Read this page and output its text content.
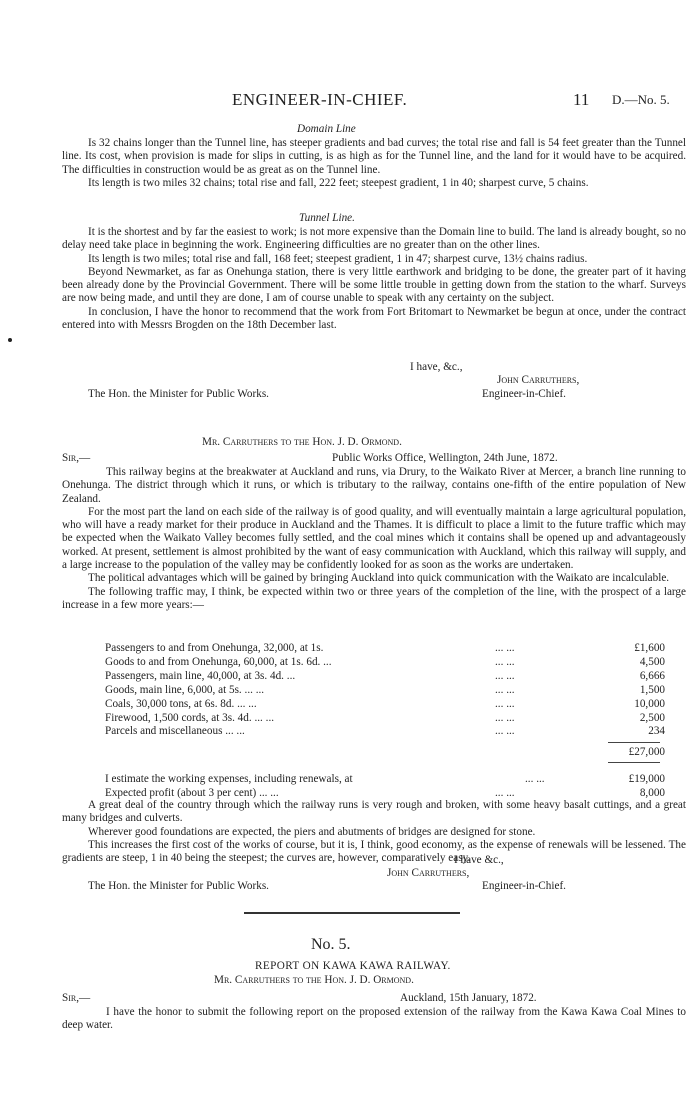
ENGINEER-IN-CHIEF.	11 D.—No. 5.
Domain Line

Is 32 chains longer than the Tunnel line, has steeper gradients and bad curves; the total rise and fall is 54 feet greater than the Tunnel line. Its cost, when provision is made for slips in cutting, is as high as for the Tunnel line, and the land for it would have to be acquired. The difficulties in construction would be as great as on the Tunnel line.

Its length is two miles 32 chains; total rise and fall, 222 feet; steepest gradient, 1 in 40; sharpest curve, 5 chains.

Tunnel Line.

It is the shortest and by far the easiest to work; is not more expensive than the Domain line to build. The land is already bought, so no delay need take place in beginning the work. Engineering difficulties are no greater than on the other lines.

Its length is two miles; total rise and fall, 168 feet; steepest gradient, 1 in 47; sharpest curve, 13½ chains radius.

Beyond Newmarket, as far as Onehunga station, there is very little earthwork and bridging to be done, the greater part of it having been already done by the Provincial Government. There will be some little trouble in getting down from the station to the wharf. Surveys are now being made, and until they are done, I am of course unable to speak with any certainty on the subject.

In conclusion, I have the honor to recommend that the work from Fort Britomart to Newmarket be begun at once, under the contract entered into with Messrs Brogden on the 18th December last.

I have, &c.,
John Carruthers,
The Hon. the Minister for Public Works.	Engineer-in-Chief.
Mr. Carruthers to the Hon. J. D. Ormond.
Sir,—	Public Works Office, Wellington, 24th June, 1872.

This railway begins at the breakwater at Auckland and runs, via Drury, to the Waikato River at Mercer, a branch line running to Onehunga. The district through which it runs, or which is tributary to the railway, contains one-fifth of the entire population of New Zealand.

For the most part the land on each side of the railway is of good quality, and will eventually maintain a large agricultural population, who will have a ready market for their produce in Auckland and the Thames. It is difficult to place a limit to the future traffic which may be expected when the Waikato Valley becomes fully settled, and the coal mines which it contains shall be opened up and advantageously worked. At present, settlement is almost prohibited by the want of easy communication with Auckland, which this railway will supply, and a large increase to the population of the valley may be confidently looked for as soon as the works are undertaken.

The political advantages which will be gained by bringing Auckland into quick communication with the Waikato are incalculable.

The following traffic may, I think, be expected within two or three years of the completion of the line, with the prospect of a large increase in a few more years:—

Passengers to and from Onehunga, 32,000, at 1s.	... ...	£1,600
Goods to and from Onehunga, 60,000, at 1s. 6d. ...	... ...	4,500
Passengers, main line, 40,000, at 3s. 4d. ...	... ...	6,666
Goods, main line, 6,000, at 5s. ... ...	... ...	1,500
Coals, 30,000 tons, at 6s. 8d. ... ...	... ...	10,000
Firewood, 1,500 cords, at 3s. 4d. ... ...	... ...	2,500
Parcels and miscellaneous ... ...	... ...	234
£27,000
I estimate the working expenses, including renewals, at	... ...	£19,000
Expected profit (about 3 per cent) ... ...	... ...	8,000

A great deal of the country through which the railway runs is very rough and broken, with some heavy basalt cuttings, and a great many bridges and culverts.

Wherever good foundations are expected, the piers and abutments of bridges are designed for stone.

This increases the first cost of the works of course, but it is, I think, good economy, as the expense of renewals will be lessened. The gradients are steep, 1 in 40 being the steepest; the curves are, however, comparatively easy.

I have &c.,
John Carruthers,
The Hon. the Minister for Public Works.	Engineer-in-Chief.
No. 5.
REPORT ON KAWA KAWA RAILWAY.
Mr. Carruthers to the Hon. J. D. Ormond.
Sir,—	Auckland, 15th January, 1872.

I have the honor to submit the following report on the proposed extension of the railway from the Kawa Kawa Coal Mines to deep water.
